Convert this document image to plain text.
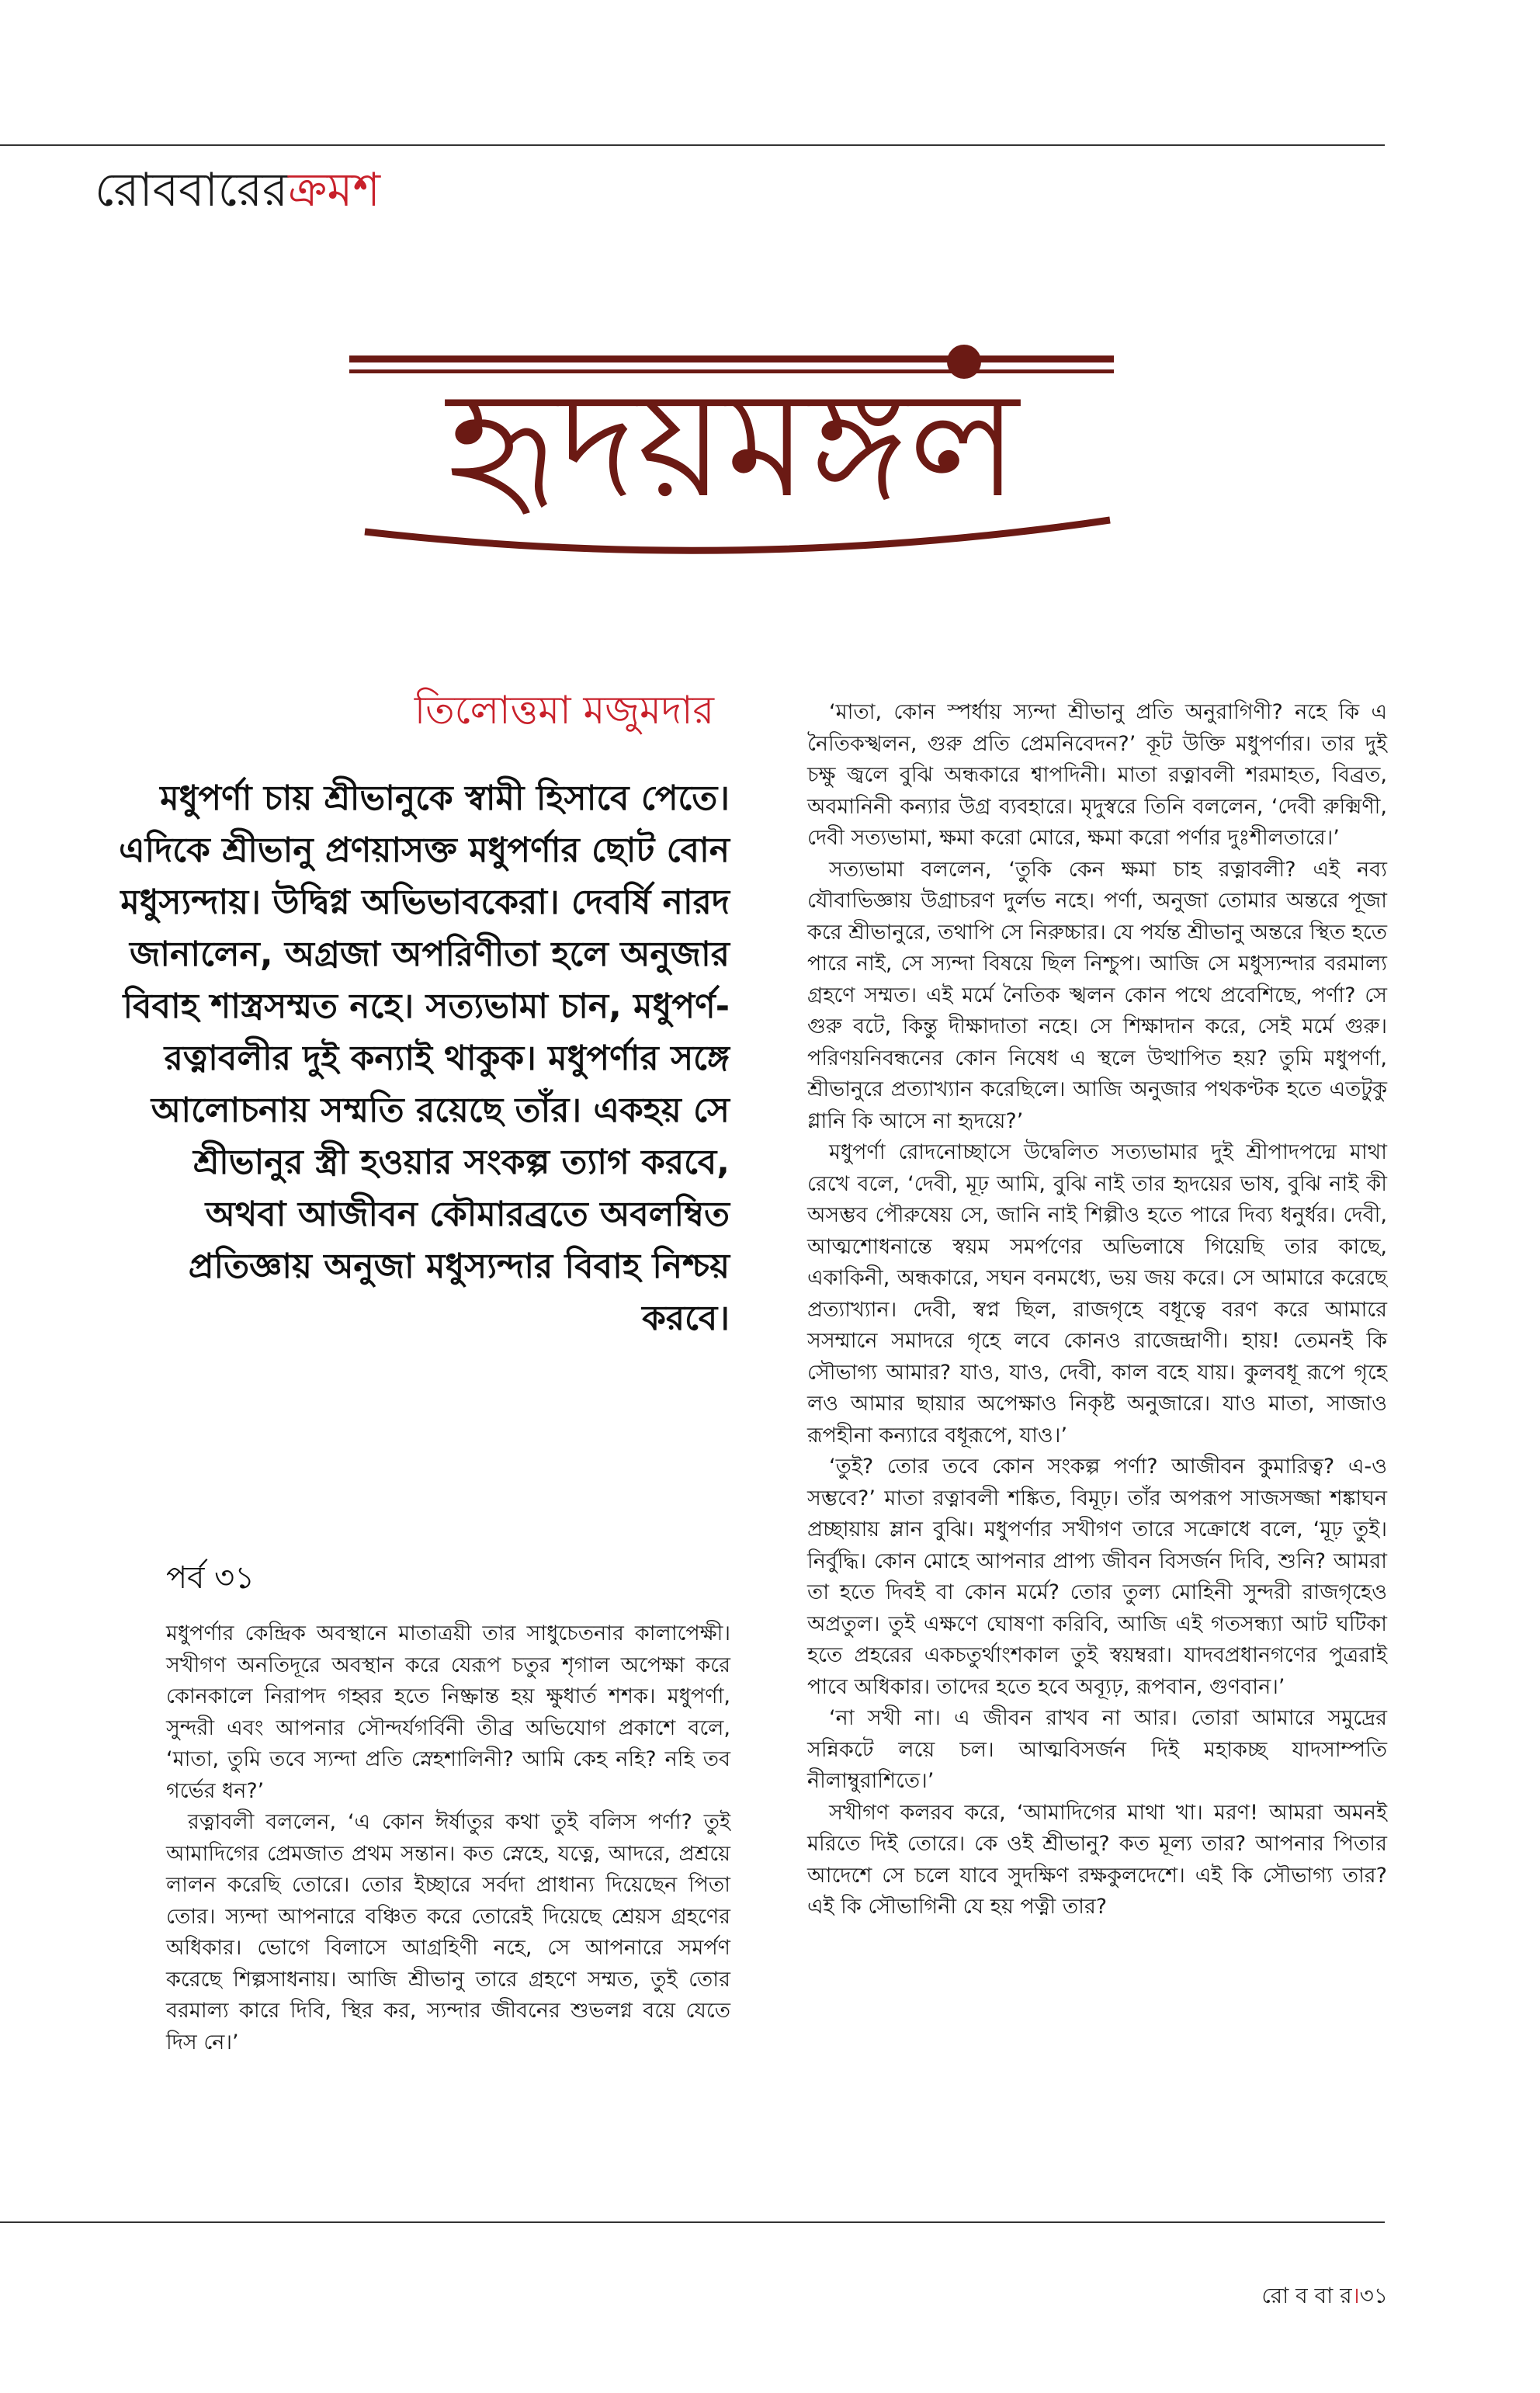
রোববারেরক্রমশ
হৃদয়মঙ্গল
তিলোত্তমা মজুমদার

মধুপর্ণা চায় শ্রীভানুকে স্বামী হিসাবে পেতে। এদিকে শ্রীভানু প্রণয়াসক্ত মধুপর্ণার ছোট বোন মধুস্যন্দায়। উদ্বিগ্ন অভিভাবকেরা। দেবর্ষি নারদ জানালেন, অগ্রজা অপরিণীতা হলে অনুজার বিবাহ শাস্ত্রসম্মত নহে। সত্যভামা চান, মধুপর্ণ-রত্নাবলীর দুই কন্যাই থাকুক। মধুপর্ণার সঙ্গে আলোচনায় সম্মতি রয়েছে তাঁর। একহয় সে শ্রীভানুর স্ত্রী হওয়ার সংকল্প ত্যাগ করবে, অথবা আজীবন কৌমারব্রতে অবলম্বিত প্রতিজ্ঞায় অনুজা মধুস্যন্দার বিবাহ নিশ্চয় করবে।

পর্ব ৩১

মধুপর্ণার কেন্দ্রিক অবস্থানে মাতাত্রয়ী তার সাধুচেতনার কালাপেক্ষী। সখীগণ অনতিদূরে অবস্থান করে যেরূপ চতুর শৃগাল অপেক্ষা করে কোনকালে নিরাপদ গহ্বর হতে নিষ্ক্রান্ত হয় ক্ষুধার্ত শশক। মধুপর্ণা, সুন্দরী এবং আপনার সৌন্দর্যগর্বিনী তীব্র অভিযোগ প্রকাশে বলে, ‘মাতা, তুমি তবে স্যন্দা প্রতি স্নেহশালিনী? আমি কেহ নহি? নহি তব গর্ভের ধন?’

রত্নাবলী বললেন, ‘এ কোন ঈর্ষাতুর কথা তুই বলিস পর্ণা? তুই আমাদিগের প্রেমজাত প্রথম সন্তান। কত স্নেহে, যত্নে, আদরে, প্রশ্রয়ে লালন করেছি তোরে। তোর ইচ্ছারে সর্বদা প্রাধান্য দিয়েছেন পিতা তোর। স্যন্দা আপনারে বঞ্চিত করে তোরেই দিয়েছে শ্রেয়স গ্রহণের অধিকার। ভোগে বিলাসে আগ্রহিণী নহে, সে আপনারে সমর্পণ করেছে শিল্পসাধনায়। আজি শ্রীভানু তারে গ্রহণে সম্মত, তুই তোর বরমাল্য কারে দিবি, স্থির কর, স্যন্দার জীবনের শুভলগ্ন বয়ে যেতে দিস নে।’

‘মাতা, কোন স্পর্ধায় স্যন্দা শ্রীভানু প্রতি অনুরাগিণী? নহে কি এ নৈতিকস্খলন, গুরু প্রতি প্রেমনিবেদন?’ কূট উক্তি মধুপর্ণার। তার দুই চক্ষু জ্বলে বুঝি অন্ধকারে শ্বাপদিনী। মাতা রত্নাবলী শরমাহত, বিব্রত, অবমানিনী কন্যার উগ্র ব্যবহারে। মৃদুস্বরে তিনি বললেন, ‘দেবী রুক্মিণী, দেবী সত্যভামা, ক্ষমা করো মোরে, ক্ষমা করো পর্ণার দুঃশীলতারে।’

সত্যভামা বললেন, ‘তুকি কেন ক্ষমা চাহ রত্নাবলী? এই নব্য যৌবাভিজ্ঞায় উগ্রাচরণ দুর্লভ নহে। পর্ণা, অনুজা তোমার অন্তরে পূজা করে শ্রীভানুরে, তথাপি সে নিরুচ্চার। যে পর্যন্ত শ্রীভানু অন্তরে স্থিত হতে পারে নাই, সে স্যন্দা বিষয়ে ছিল নিশ্চুপ। আজি সে মধুস্যন্দার বরমাল্য গ্রহণে সম্মত। এই মর্মে নৈতিক স্খলন কোন পথে প্রবেশিছে, পর্ণা? সে গুরু বটে, কিন্তু দীক্ষাদাতা নহে। সে শিক্ষাদান করে, সেই মর্মে গুরু। পরিণয়নিবন্ধনের কোন নিষেধ এ স্থলে উত্থাপিত হয়? তুমি মধুপর্ণা, শ্রীভানুরে প্রত্যাখ্যান করেছিলে। আজি অনুজার পথকণ্টক হতে এতটুকু গ্লানি কি আসে না হৃদয়ে?’

মধুপর্ণা রোদনোচ্ছাসে উদ্বেলিত সত্যভামার দুই শ্রীপাদপদ্মে মাথা রেখে বলে, ‘দেবী, মূঢ় আমি, বুঝি নাই তার হৃদয়ের ভাষ, বুঝি নাই কী অসম্ভব পৌরুষেয় সে, জানি নাই শিল্পীও হতে পারে দিব্য ধনুর্ধর। দেবী, আত্মশোধনান্তে স্বয়ম সমর্পণের অভিলাষে গিয়েছি তার কাছে, একাকিনী, অন্ধকারে, সঘন বনমধ্যে, ভয় জয় করে। সে আমারে করেছে প্রত্যাখ্যান। দেবী, স্বপ্ন ছিল, রাজগৃহে বধূত্বে বরণ করে আমারে সসম্মানে সমাদরে গৃহে লবে কোনও রাজেন্দ্রাণী। হায়! তেমনই কি সৌভাগ্য আমার? যাও, যাও, দেবী, কাল বহে যায়। কুলবধূ রূপে গৃহে লও আমার ছায়ার অপেক্ষাও নিকৃষ্ট অনুজারে। যাও মাতা, সাজাও রূপহীনা কন্যারে বধূরূপে, যাও।’

‘তুই? তোর তবে কোন সংকল্প পর্ণা? আজীবন কুমারিত্ব? এ-ও সম্ভবে?’ মাতা রত্নাবলী শঙ্কিত, বিমূঢ়। তাঁর অপরূপ সাজসজ্জা শঙ্কাঘন প্রচ্ছায়ায় ম্লান বুঝি। মধুপর্ণার সখীগণ তারে সক্রোধে বলে, ‘মূঢ় তুই। নির্বুদ্ধি। কোন মোহে আপনার প্রাপ্য জীবন বিসর্জন দিবি, শুনি? আমরা তা হতে দিবই বা কোন মর্মে? তোর তুল্য মোহিনী সুন্দরী রাজগৃহেও অপ্রতুল। তুই এক্ষণে ঘোষণা করিবি, আজি এই গতসন্ধ্যা আট ঘটিকা হতে প্রহরের একচতুর্থাংশকাল তুই স্বয়ম্বরা। যাদবপ্রধানগণের পুত্ররাই পাবে অধিকার। তাদের হতে হবে অব্যূঢ়, রূপবান, গুণবান।’

‘না সখী না। এ জীবন রাখব না আর। তোরা আমারে সমুদ্রের সন্নিকটে লয়ে চল। আত্মবিসর্জন দিই মহাকচ্ছ যাদসাম্পতি নীলাম্বুরাশিতে।’

সখীগণ কলরব করে, ‘আমাদিগের মাথা খা। মরণ! আমরা অমনই মরিতে দিই তোরে। কে ওই শ্রীভানু? কত মূল্য তার? আপনার পিতার আদেশে সে চলে যাবে সুদক্ষিণ রক্ষকুলদেশে। এই কি সৌভাগ্য তার? এই কি সৌভাগিনী যে হয় পত্নী তার?

রো ব বা র।৩১
